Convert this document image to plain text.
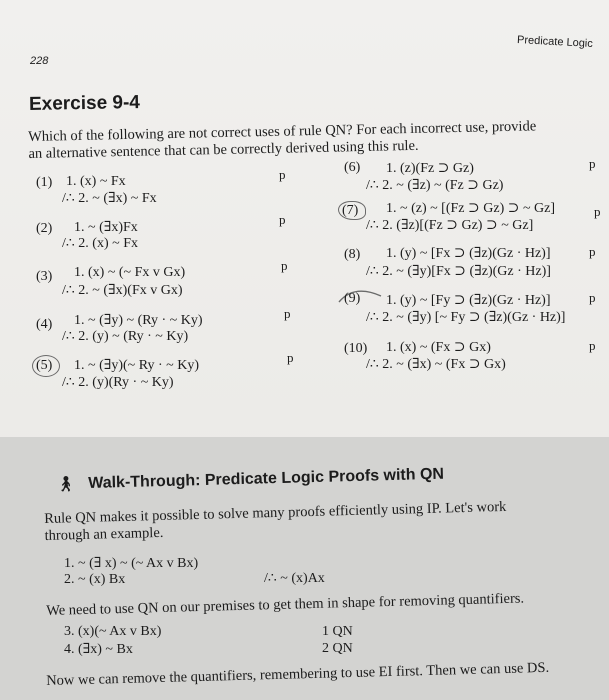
Predicate Logic
228
Exercise 9-4
Which of the following are not correct uses of rule QN? For each incorrect use, provide
an alternative sentence that can be correctly derived using this rule.
(1) 1. (x) ~ Fx
/∴ 2. ~ (∃x) ~ Fx
p
(2) 1. ~ (∃x)Fx
/∴ 2. (x) ~ Fx
p
(3) 1. (x) ~ (~ Fx v Gx)
/∴ 2. ~ (∃x)(Fx v Gx)
p
(4) 1. ~ (∃y) ~ (Ry · ~ Ky)
/∴ 2. (y) ~ (Ry · ~ Ky)
p
(5) 1. ~ (∃y)(~ Ry · ~ Ky)
/∴ 2. (y)(Ry · ~ Ky)
p
(6) 1. (z)(Fz ⊃ Gz)
/∴ 2. ~ (∃z) ~ (Fz ⊃ Gz)
p
(7) 1. ~ (z) ~ [(Fz ⊃ Gz) ⊃ ~ Gz]
/∴ 2. (∃z)[(Fz ⊃ Gz) ⊃ ~ Gz]
p
(8) 1. (y) ~ [Fx ⊃ (∃z)(Gz · Hz)]
/∴ 2. ~ (∃y)[Fx ⊃ (∃z)(Gz · Hz)]
p
(9) 1. (y) ~ [Fy ⊃ (∃z)(Gz · Hz)]
/∴ 2. ~ (∃y) [~ Fy ⊃ (∃z)(Gz · Hz)]
p
(10) 1. (x) ~ (Fx ⊃ Gx)
/∴ 2. ~ (∃x) ~ (Fx ⊃ Gx)
p
🚶︎ Walk-Through: Predicate Logic Proofs with QN
Rule QN makes it possible to solve many proofs efficiently using IP. Let's work
through an example.
1. ~ (∃ x) ~ (~ Ax v Bx)
2. ~ (x) Bx	/∴ ~ (x)Ax
We need to use QN on our premises to get them in shape for removing quantifiers.
3. (x)(~ Ax v Bx)	1 QN
4. (∃x) ~ Bx	2 QN
Now we can remove the quantifiers, remembering to use EI first. Then we can use DS.
